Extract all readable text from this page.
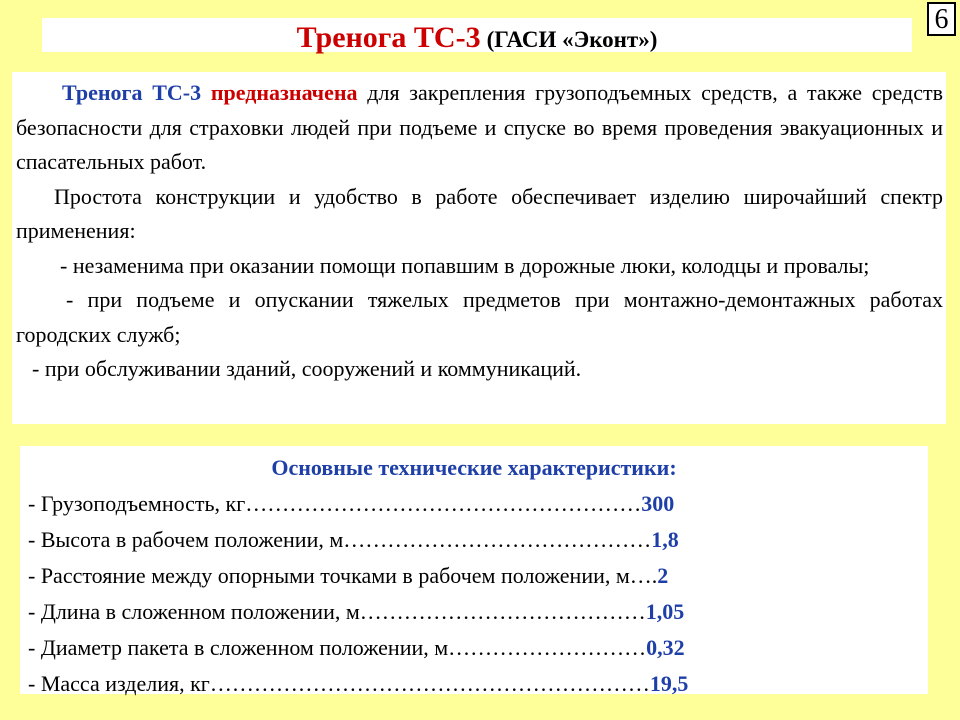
Тренога ТС-3 (ГАСИ «Эконт»)
6

Тренога ТС-3 предназначена для закрепления грузоподъемных средств, а также средств безопасности для страховки людей при подъеме и спуске во время проведения эвакуационных и спасательных работ.

Простота конструкции и удобство в работе обеспечивает изделию широчайший спектр применения:

- незаменима при оказании помощи попавшим в дорожные люки, колодцы и провалы;

- при подъеме и опускании тяжелых предметов при монтажно-демонтажных работах городских служб;

- при обслуживании зданий, сооружений и коммуникаций.

Основные технические характеристики:
- Грузоподъемность, кг………………………………………………300
- Высота в рабочем положении, м……………………………………1,8
- Расстояние между опорными точками в рабочем положении, м….2
- Длина в сложенном положении, м…………………………………1,05
- Диаметр пакета в сложенном положении, м………………………0,32
- Масса изделия, кг……………………………………………………19,5
